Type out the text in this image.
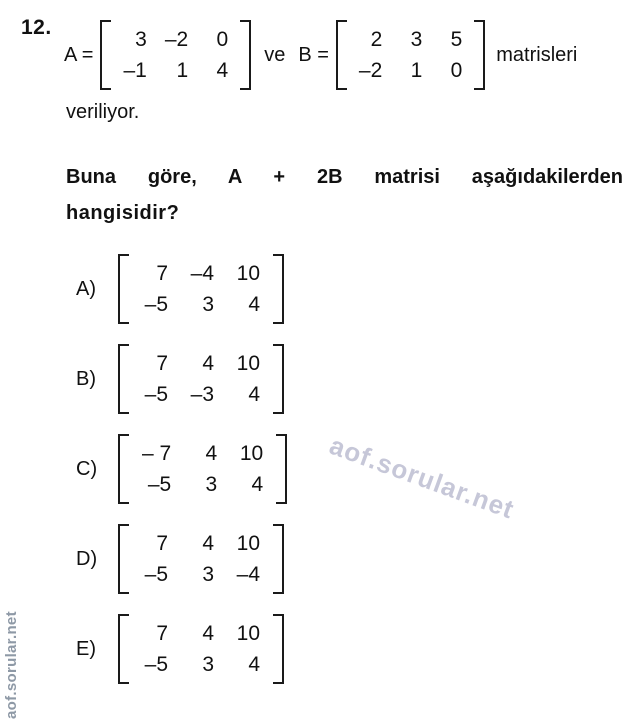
12.
A =
3 –2	0
–1	1	4
ve B =
2	3	5
–2	1	0
matrisleri
veriliyor.
Buna göre, A + 2B matrisi aşağıdakilerden
hangisidir?
A)
7	–4	10
–5	3	4
B)
7	4	10
–5	–3	4
C)
– 7	4	10
–5	3	4
D)
7	4	10
–5	3	–4
E)
7	4	10
–5	3	4
aof.sorular.net
aof.sorular.net
